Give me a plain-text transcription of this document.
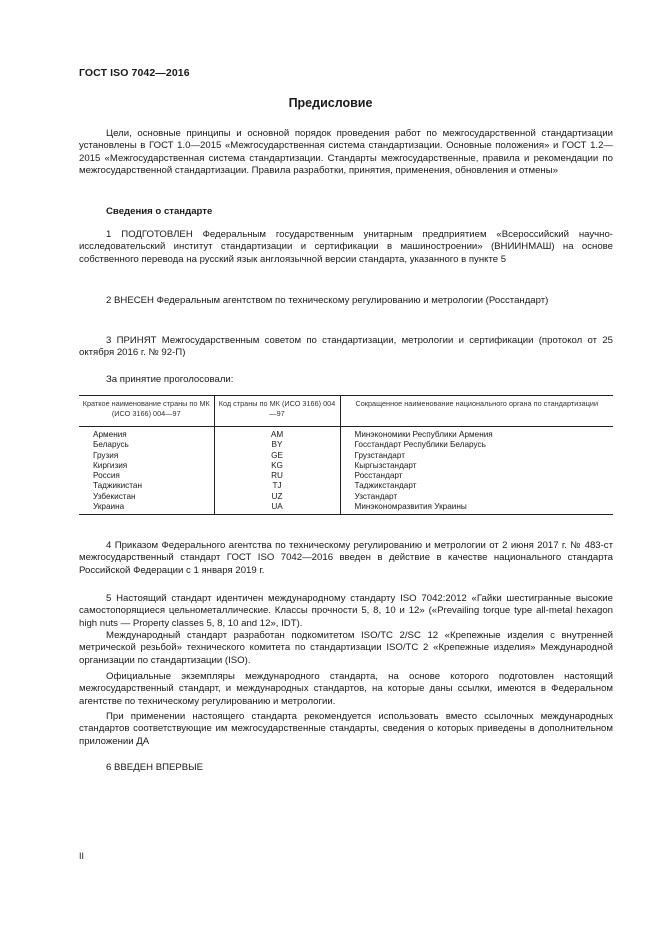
ГОСТ ISO 7042—2016
Предисловие
Цели, основные принципы и основной порядок проведения работ по межгосударственной стандартизации установлены в ГОСТ 1.0—2015 «Межгосударственная система стандартизации. Основные положения» и ГОСТ 1.2—2015 «Межгосударственная система стандартизации. Стандарты межгосударственные, правила и рекомендации по межгосударственной стандартизации. Правила разработки, принятия, применения, обновления и отмены»
Сведения о стандарте
1 ПОДГОТОВЛЕН Федеральным государственным унитарным предприятием «Всероссийский научно-исследовательский институт стандартизации и сертификации в машиностроении» (ВНИИНМАШ) на основе собственного перевода на русский язык англоязычной версии стандарта, указанного в пункте 5
2 ВНЕСЕН Федеральным агентством по техническому регулированию и метрологии (Росстандарт)
3 ПРИНЯТ Межгосударственным советом по стандартизации, метрологии и сертификации (протокол от 25 октября 2016 г. № 92-П)
За принятие проголосовали:
Краткое наименование страны по МК (ИСО 3166) 004—97	Код страны по МК (ИСО 3166) 004—97	Сокращенное наименование национального органа по стандартизации
Армения	AM	Минэкономики Республики Армения
Беларусь	BY	Госстандарт Республики Беларусь
Грузия	GE	Грузстандарт
Киргизия	KG	Кыргызстандарт
Россия	RU	Росстандарт
Таджикистан	TJ	Таджикстандарт
Узбекистан	UZ	Узстандарт
Украина	UA	Минэкономразвития Украины
4 Приказом Федерального агентства по техническому регулированию и метрологии от 2 июня 2017 г. № 483-ст межгосударственный стандарт ГОСТ ISO 7042—2016 введен в действие в качестве национального стандарта Российской Федерации с 1 января 2019 г.
5 Настоящий стандарт идентичен международному стандарту ISO 7042:2012 «Гайки шестигранные высокие самостопорящиеся цельнометаллические. Классы прочности 5, 8, 10 и 12» («Prevailing torque type all-metal hexagon high nuts — Property classes 5, 8, 10 and 12», IDT).
Международный стандарт разработан подкомитетом ISO/TC 2/SC 12 «Крепежные изделия с внутренней метрической резьбой» технического комитета по стандартизации ISO/TC 2 «Крепежные изделия» Международной организации по стандартизации (ISO).
Официальные экземпляры международного стандарта, на основе которого подготовлен настоящий межгосударственный стандарт, и международных стандартов, на которые даны ссылки, имеются в Федеральном агентстве по техническому регулированию и метрологии.
При применении настоящего стандарта рекомендуется использовать вместо ссылочных международных стандартов соответствующие им межгосударственные стандарты, сведения о которых приведены в дополнительном приложении ДА
6 ВВЕДЕН ВПЕРВЫЕ
II
